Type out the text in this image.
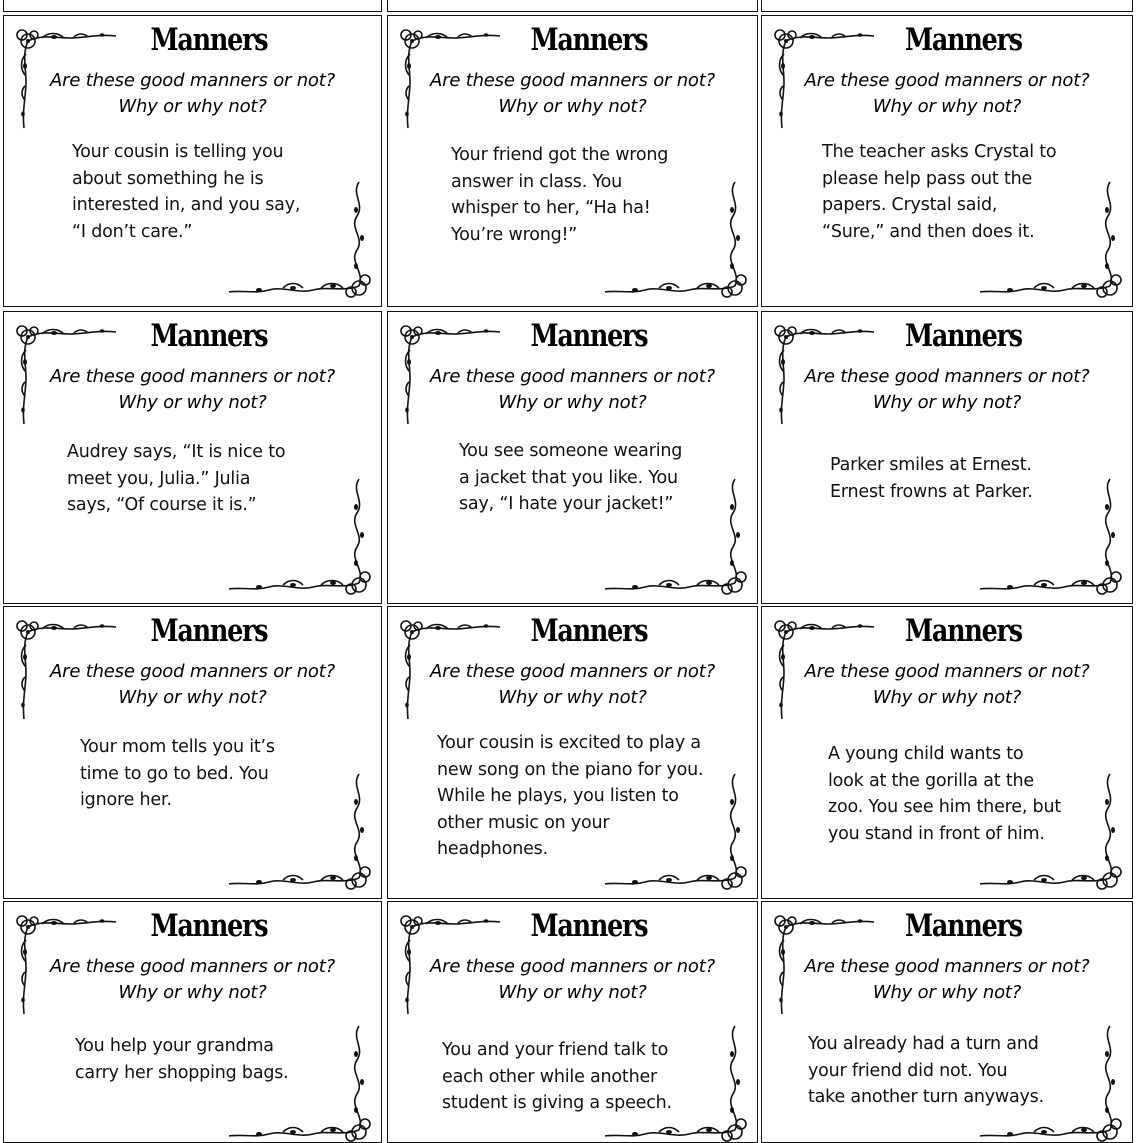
Manners
Are these good manners or not?
Why or why not?
Your cousin is telling you
about something he is
interested in, and you say,
“I don’t care.”
Manners
Are these good manners or not?
Why or why not?
Your friend got the wrong
answer in class. You
whisper to her, “Ha ha!
You’re wrong!”
Manners
Are these good manners or not?
Why or why not?
The teacher asks Crystal to
please help pass out the
papers. Crystal said,
“Sure,” and then does it.
Manners
Are these good manners or not?
Why or why not?
Audrey says, “It is nice to
meet you, Julia.” Julia
says, “Of course it is.”
Manners
Are these good manners or not?
Why or why not?
You see someone wearing
a jacket that you like. You
say, “I hate your jacket!”
Manners
Are these good manners or not?
Why or why not?
Parker smiles at Ernest.
Ernest frowns at Parker.
Manners
Are these good manners or not?
Why or why not?
Your mom tells you it’s
time to go to bed. You
ignore her.
Manners
Are these good manners or not?
Why or why not?
Your cousin is excited to play a
new song on the piano for you.
While he plays, you listen to
other music on your
headphones.
Manners
Are these good manners or not?
Why or why not?
A young child wants to
look at the gorilla at the
zoo. You see him there, but
you stand in front of him.
Manners
Are these good manners or not?
Why or why not?
You help your grandma
carry her shopping bags.
Manners
Are these good manners or not?
Why or why not?
You and your friend talk to
each other while another
student is giving a speech.
Manners
Are these good manners or not?
Why or why not?
You already had a turn and
your friend did not. You
take another turn anyways.
